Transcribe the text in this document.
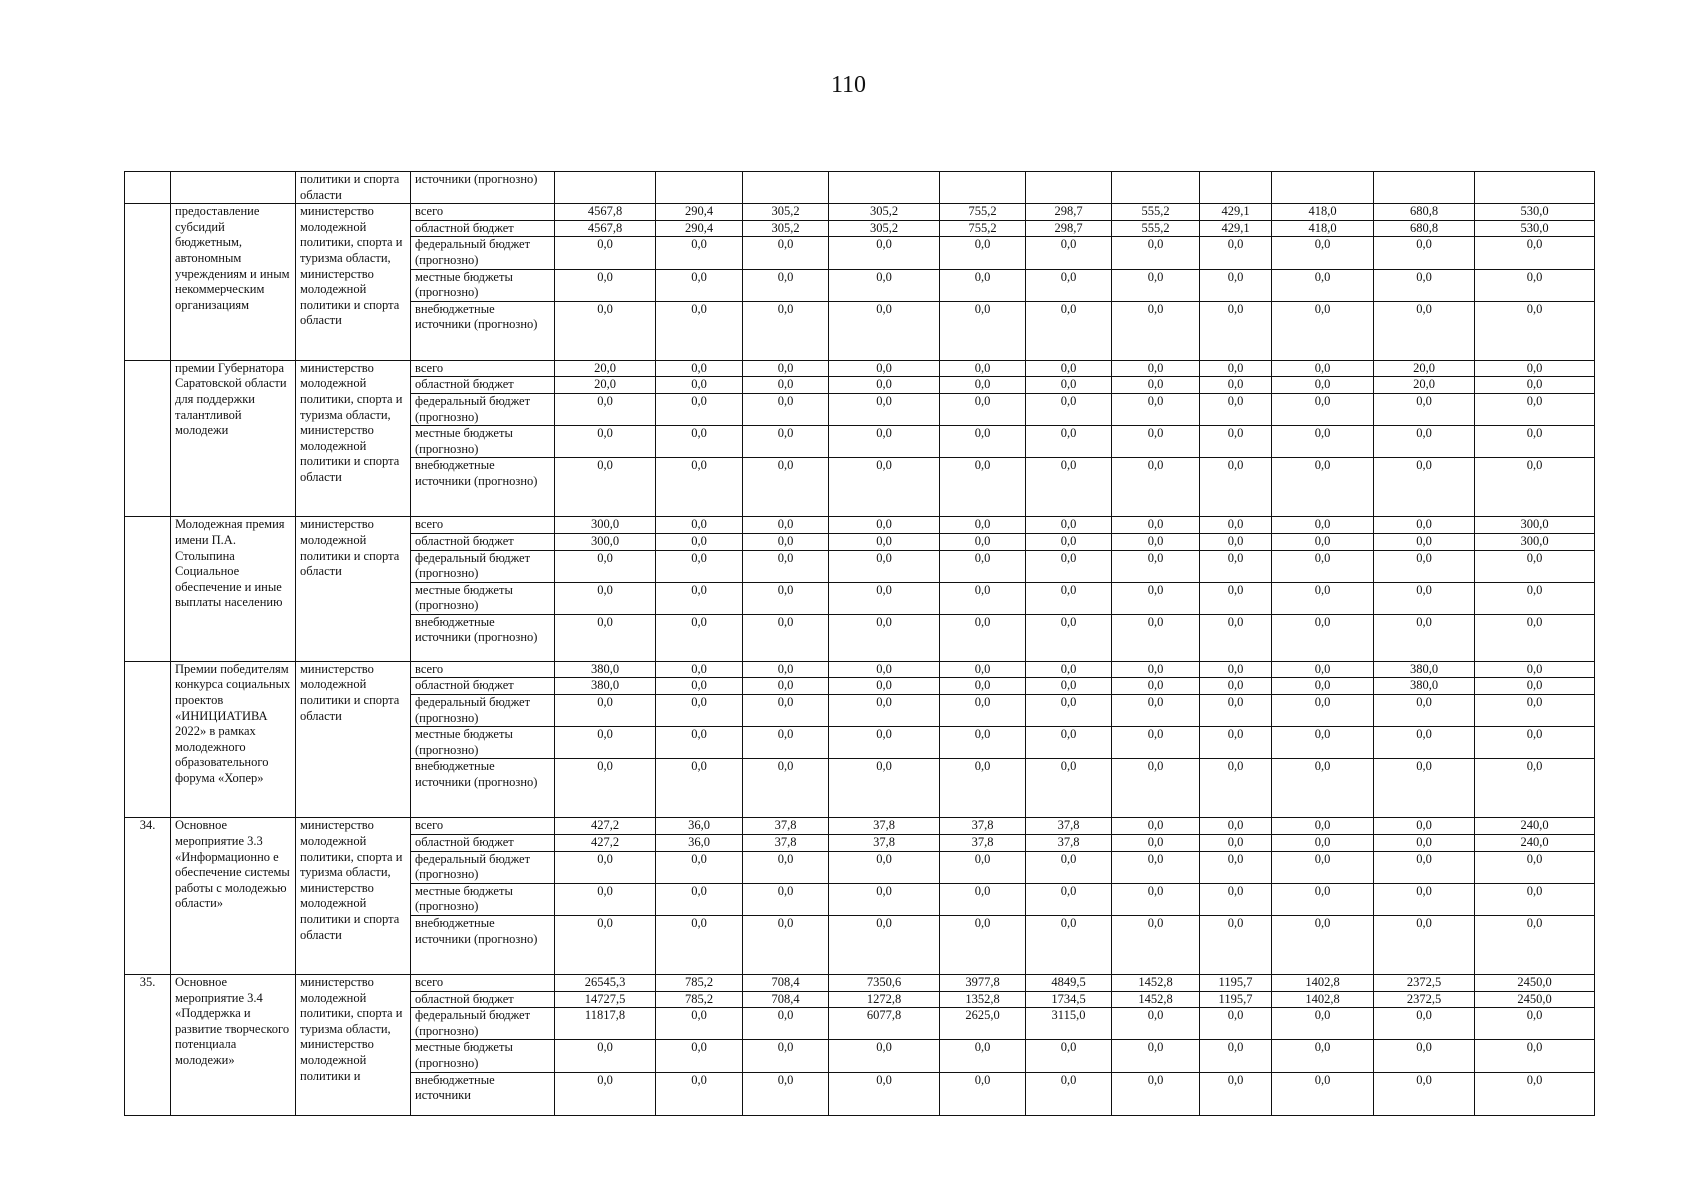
110
		политики и спорта области	источники (прогнозно)											
	предоставление субсидий бюджетным, автономным учреждениям и иным некоммерческим организациям	министерство молодежной политики, спорта и туризма области, министерство молодежной политики и спорта области	всего	4567,8	290,4	305,2	305,2	755,2	298,7	555,2	429,1	418,0	680,8	530,0
			областной бюджет	4567,8	290,4	305,2	305,2	755,2	298,7	555,2	429,1	418,0	680,8	530,0
			федеральный бюджет (прогнозно)	0,0	0,0	0,0	0,0	0,0	0,0	0,0	0,0	0,0	0,0	0,0
			местные бюджеты (прогнозно)	0,0	0,0	0,0	0,0	0,0	0,0	0,0	0,0	0,0	0,0	0,0
			внебюджетные источники (прогнозно)	0,0	0,0	0,0	0,0	0,0	0,0	0,0	0,0	0,0	0,0	0,0
	премии Губернатора Саратовской области для поддержки талантливой молодежи	министерство молодежной политики, спорта и туризма области, министерство молодежной политики и спорта области	всего	20,0	0,0	0,0	0,0	0,0	0,0	0,0	0,0	0,0	20,0	0,0
			областной бюджет	20,0	0,0	0,0	0,0	0,0	0,0	0,0	0,0	0,0	20,0	0,0
			федеральный бюджет (прогнозно)	0,0	0,0	0,0	0,0	0,0	0,0	0,0	0,0	0,0	0,0	0,0
			местные бюджеты (прогнозно)	0,0	0,0	0,0	0,0	0,0	0,0	0,0	0,0	0,0	0,0	0,0
			внебюджетные источники (прогнозно)	0,0	0,0	0,0	0,0	0,0	0,0	0,0	0,0	0,0	0,0	0,0
	Молодежная премия имени П.А. Столыпина Социальное обеспечение и иные выплаты населению	министерство молодежной политики и спорта области	всего	300,0	0,0	0,0	0,0	0,0	0,0	0,0	0,0	0,0	0,0	300,0
			областной бюджет	300,0	0,0	0,0	0,0	0,0	0,0	0,0	0,0	0,0	0,0	300,0
			федеральный бюджет (прогнозно)	0,0	0,0	0,0	0,0	0,0	0,0	0,0	0,0	0,0	0,0	0,0
			местные бюджеты (прогнозно)	0,0	0,0	0,0	0,0	0,0	0,0	0,0	0,0	0,0	0,0	0,0
			внебюджетные источники (прогнозно)	0,0	0,0	0,0	0,0	0,0	0,0	0,0	0,0	0,0	0,0	0,0
	Премии победителям конкурса социальных проектов «ИНИЦИАТИВА 2022» в рамках молодежного образовательного форума «Хопер»	министерство молодежной политики и спорта области	всего	380,0	0,0	0,0	0,0	0,0	0,0	0,0	0,0	0,0	380,0	0,0
			областной бюджет	380,0	0,0	0,0	0,0	0,0	0,0	0,0	0,0	0,0	380,0	0,0
			федеральный бюджет (прогнозно)	0,0	0,0	0,0	0,0	0,0	0,0	0,0	0,0	0,0	0,0	0,0
			местные бюджеты (прогнозно)	0,0	0,0	0,0	0,0	0,0	0,0	0,0	0,0	0,0	0,0	0,0
			внебюджетные источники (прогнозно)	0,0	0,0	0,0	0,0	0,0	0,0	0,0	0,0	0,0	0,0	0,0
34.	Основное мероприятие 3.3 «Информационно е обеспечение системы работы с молодежью области»	министерство молодежной политики, спорта и туризма области, министерство молодежной политики и спорта области	всего	427,2	36,0	37,8	37,8	37,8	37,8	0,0	0,0	0,0	0,0	240,0
			областной бюджет	427,2	36,0	37,8	37,8	37,8	37,8	0,0	0,0	0,0	0,0	240,0
			федеральный бюджет (прогнозно)	0,0	0,0	0,0	0,0	0,0	0,0	0,0	0,0	0,0	0,0	0,0
			местные бюджеты (прогнозно)	0,0	0,0	0,0	0,0	0,0	0,0	0,0	0,0	0,0	0,0	0,0
			внебюджетные источники (прогнозно)	0,0	0,0	0,0	0,0	0,0	0,0	0,0	0,0	0,0	0,0	0,0
35.	Основное мероприятие 3.4 «Поддержка и развитие творческого потенциала молодежи»	министерство молодежной политики, спорта и туризма области, министерство молодежной политики и	всего	26545,3	785,2	708,4	7350,6	3977,8	4849,5	1452,8	1195,7	1402,8	2372,5	2450,0
			областной бюджет	14727,5	785,2	708,4	1272,8	1352,8	1734,5	1452,8	1195,7	1402,8	2372,5	2450,0
			федеральный бюджет (прогнозно)	11817,8	0,0	0,0	6077,8	2625,0	3115,0	0,0	0,0	0,0	0,0	0,0
			местные бюджеты (прогнозно)	0,0	0,0	0,0	0,0	0,0	0,0	0,0	0,0	0,0	0,0	0,0
			внебюджетные источники	0,0	0,0	0,0	0,0	0,0	0,0	0,0	0,0	0,0	0,0	0,0
